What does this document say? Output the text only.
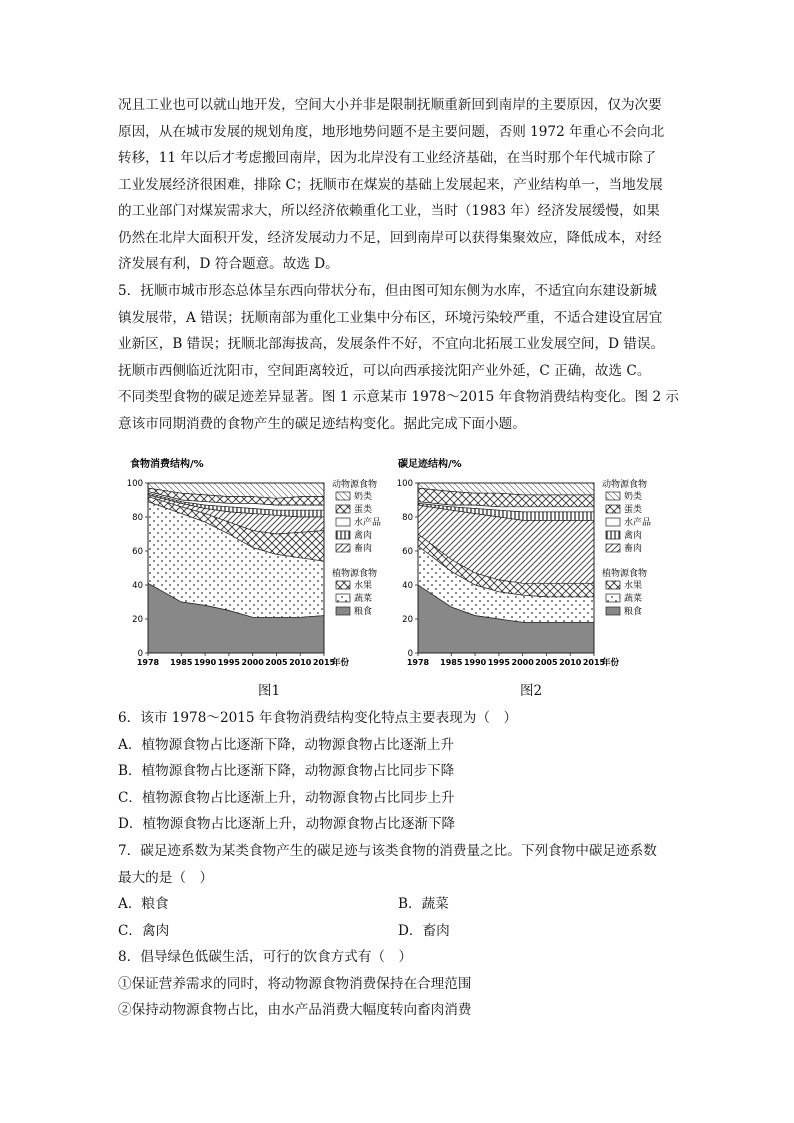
况且工业也可以就山地开发，空间大小并非是限制抚顺重新回到南岸的主要原因，仅为次要
原因，从在城市发展的规划角度，地形地势问题不是主要问题，否则 1972 年重心不会向北
转移，11 年以后才考虑搬回南岸，因为北岸没有工业经济基础，在当时那个年代城市除了
工业发展经济很困难，排除 C；抚顺市在煤炭的基础上发展起来，产业结构单一，当地发展
的工业部门对煤炭需求大，所以经济依赖重化工业，当时（1983 年）经济发展缓慢，如果
仍然在北岸大面积开发，经济发展动力不足，回到南岸可以获得集聚效应，降低成本，对经
济发展有利，D 符合题意。故选 D。
5．抚顺市城市形态总体呈东西向带状分布，但由图可知东侧为水库，不适宜向东建设新城
镇发展带，A 错误；抚顺南部为重化工业集中分布区，环境污染较严重，不适合建设宜居宜
业新区，B 错误；抚顺北部海拔高，发展条件不好，不宜向北拓展工业发展空间，D 错误。
抚顺市西侧临近沈阳市，空间距离较近，可以向西承接沈阳产业外延，C 正确，故选 C。
不同类型食物的碳足迹差异显著。图 1 示意某市 1978～2015 年食物消费结构变化。图 2 示
意该市同期消费的食物产生的碳足迹结构变化。据此完成下面小题。
食物消费结构/%
0
20
40
60
80
100
1978 1985 1990 1995 2000 2005 2010 2015
年份
动物源食物
奶类
蛋类
水产品
禽肉
畜肉
植物源食物
水果
蔬菜
粮食
碳足迹结构/%
0
20
40
60
80
100
1978 1985 1990 1995 2000 2005 2010 2015
年份
动物源食物
奶类
蛋类
水产品
禽肉
畜肉
植物源食物
水果
蔬菜
粮食
图1	图2
6．该市 1978～2015 年食物消费结构变化特点主要表现为（　）
A．植物源食物占比逐渐下降，动物源食物占比逐渐上升
B．植物源食物占比逐渐下降，动物源食物占比同步下降
C．植物源食物占比逐渐上升，动物源食物占比同步上升
D．植物源食物占比逐渐上升，动物源食物占比逐渐下降
7．碳足迹系数为某类食物产生的碳足迹与该类食物的消费量之比。下列食物中碳足迹系数
最大的是（　）
A．粮食	B．蔬菜
C．禽肉	D．畜肉
8．倡导绿色低碳生活，可行的饮食方式有（　）
①保证营养需求的同时，将动物源食物消费保持在合理范围
②保持动物源食物占比，由水产品消费大幅度转向畜肉消费
